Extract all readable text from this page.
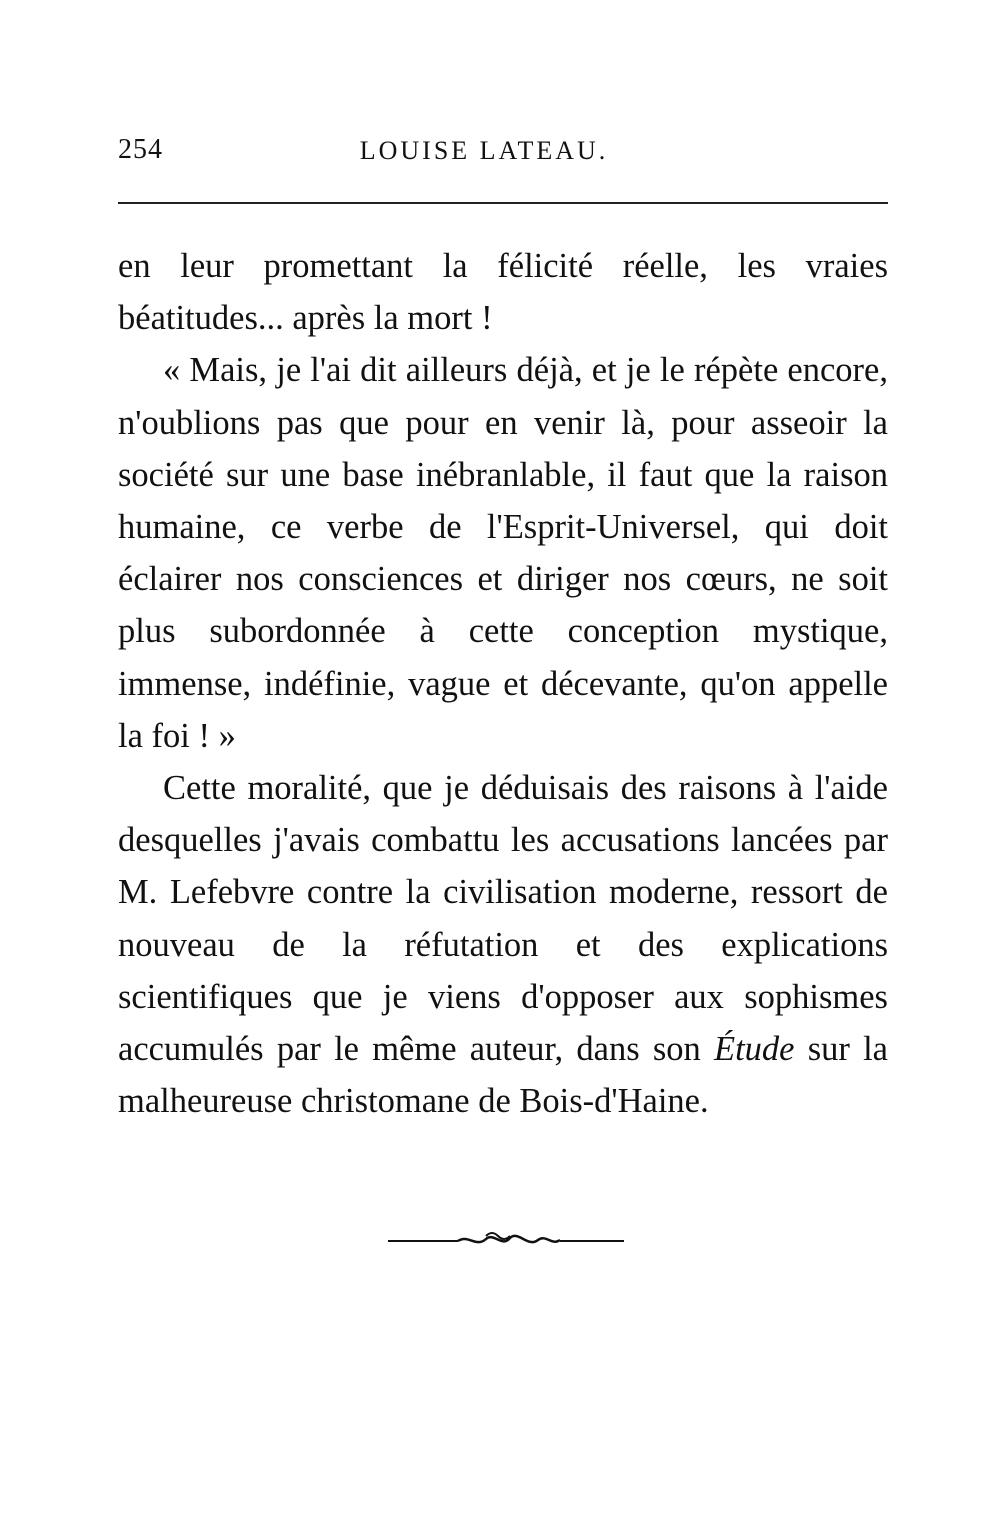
254	LOUISE LATEAU.

en leur promettant la félicité réelle, les vraies béatitudes... après la mort !

« Mais, je l'ai dit ailleurs déjà, et je le répète encore, n'oublions pas que pour en venir là, pour asseoir la société sur une base inébranlable, il faut que la raison humaine, ce verbe de l'Esprit-Universel, qui doit éclairer nos consciences et diriger nos cœurs, ne soit plus subordonnée à cette conception mystique, immense, indéfinie, vague et décevante, qu'on appelle la foi ! »

Cette moralité, que je déduisais des raisons à l'aide desquelles j'avais combattu les accusations lancées par M. Lefebvre contre la civilisation moderne, ressort de nouveau de la réfutation et des explications scientifiques que je viens d'opposer aux sophismes accumulés par le même auteur, dans son Étude sur la malheureuse christomane de Bois-d'Haine.
